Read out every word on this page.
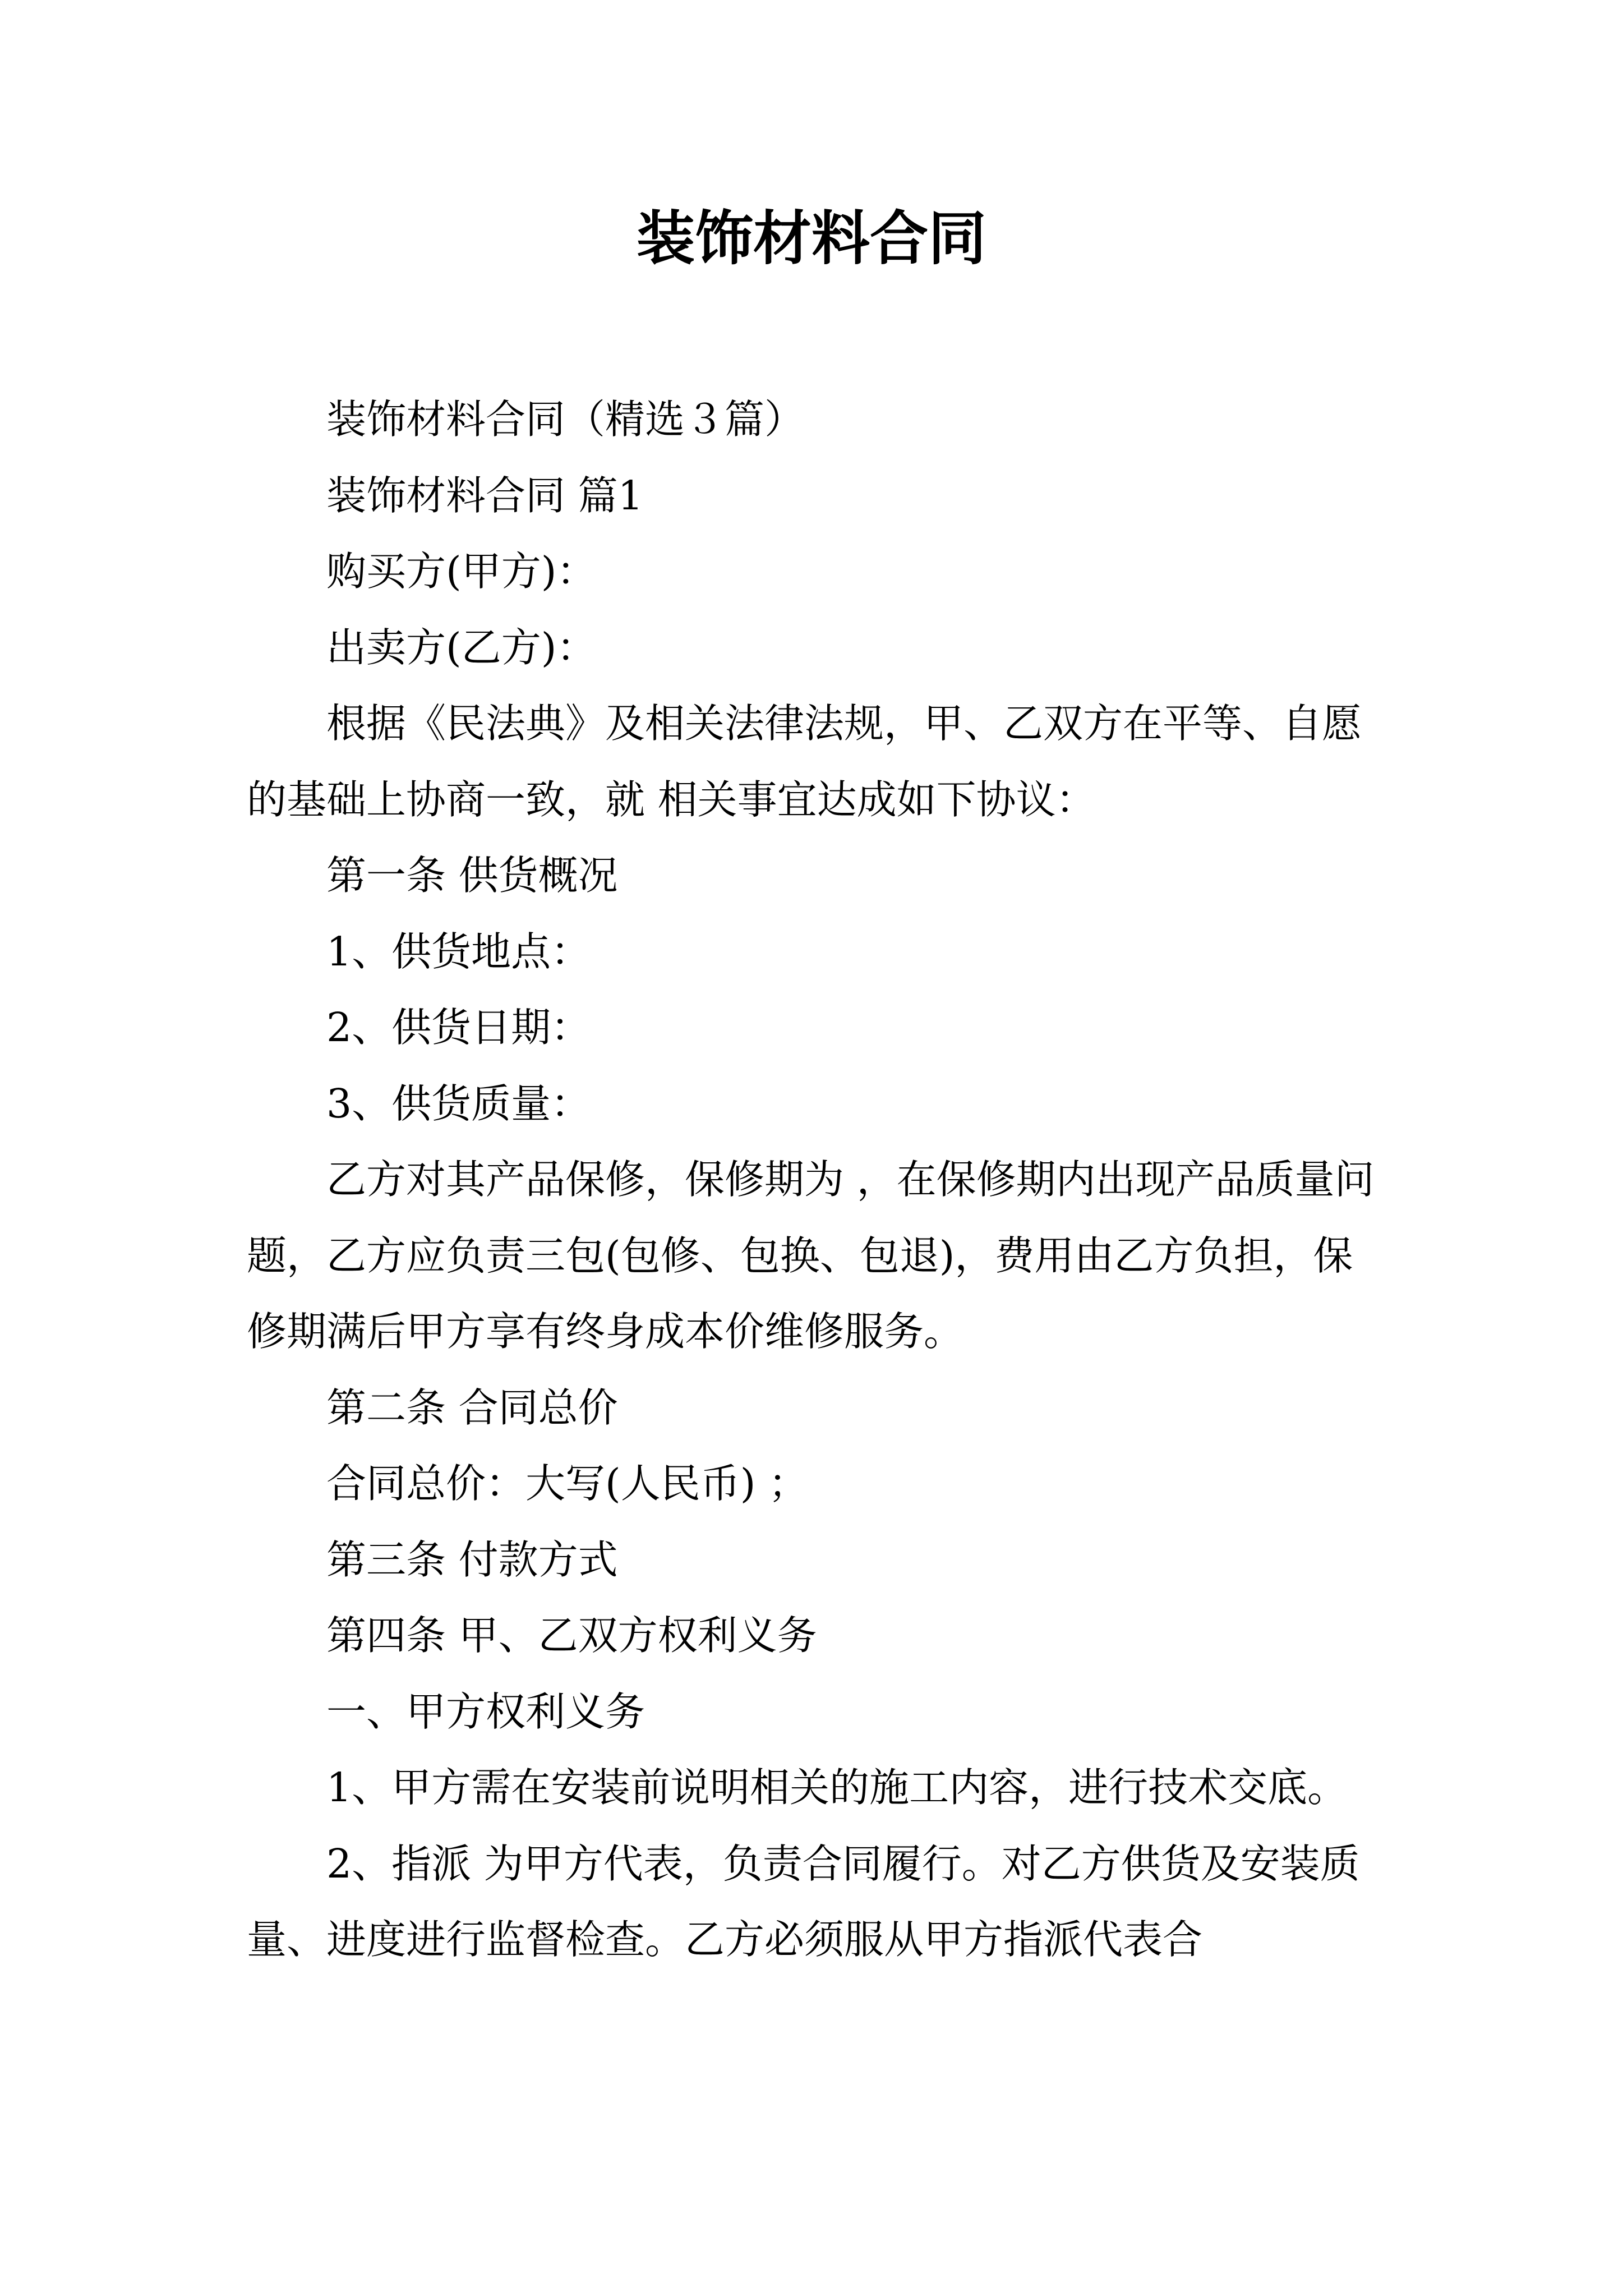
装饰材料合同

装饰材料合同（精选３篇）

装饰材料合同 篇1

购买方(甲方)：

出卖方(乙方)：

根据《民法典》及相关法律法规，甲、乙双方在平等、自愿的基础上协商一致，就 相关事宜达成如下协议：

第一条 供货概况

1、供货地点：

2、供货日期：

3、供货质量：

乙方对其产品保修，保修期为 ，在保修期内出现产品质量问题，乙方应负责三包(包修、包换、包退)，费用由乙方负担，保修期满后甲方享有终身成本价维修服务。

第二条 合同总价

合同总价：大写(人民币) ；

第三条 付款方式

第四条 甲、乙双方权利义务

一、甲方权利义务

1、甲方需在安装前说明相关的施工内容，进行技术交底。

2、指派 为甲方代表，负责合同履行。对乙方供货及安装质量、进度进行监督检查。乙方必须服从甲方指派代表合
